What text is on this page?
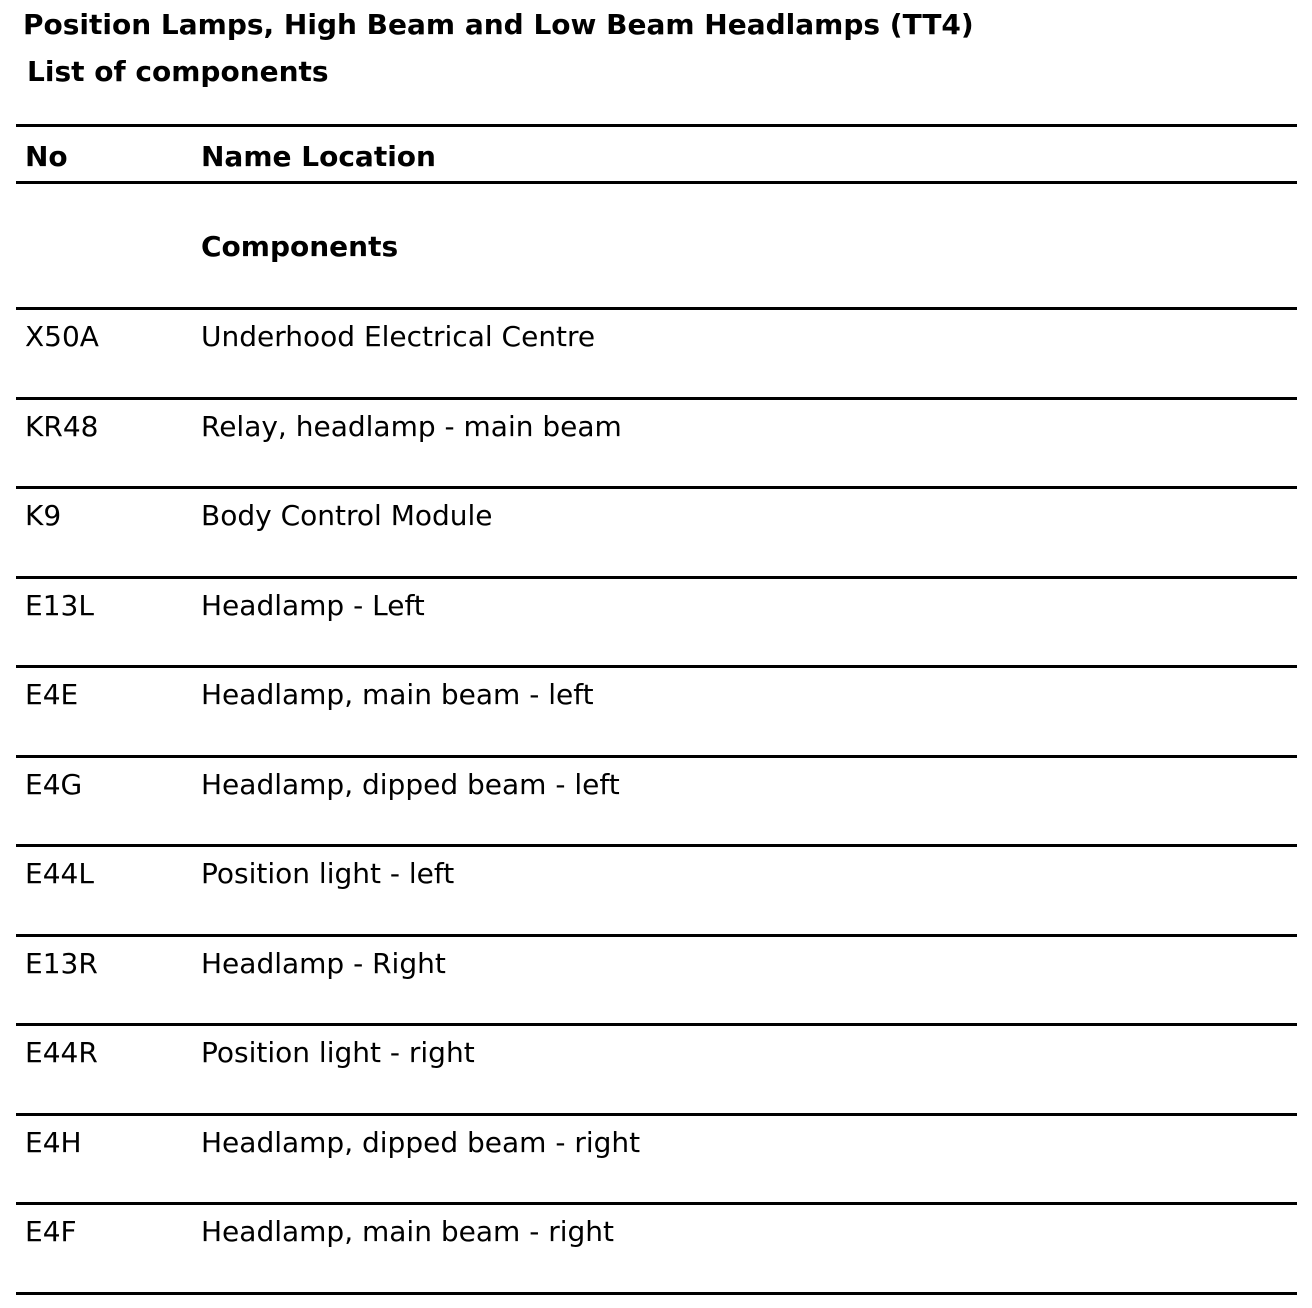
Position Lamps, High Beam and Low Beam Headlamps (TT4)
List of components
No	Name Location
Components
X50A	Underhood Electrical Centre
KR48	Relay, headlamp - main beam
K9	Body Control Module
E13L	Headlamp - Left
E4E	Headlamp, main beam - left
E4G	Headlamp, dipped beam - left
E44L	Position light - left
E13R	Headlamp - Right
E44R	Position light - right
E4H	Headlamp, dipped beam - right
E4F	Headlamp, main beam - right
